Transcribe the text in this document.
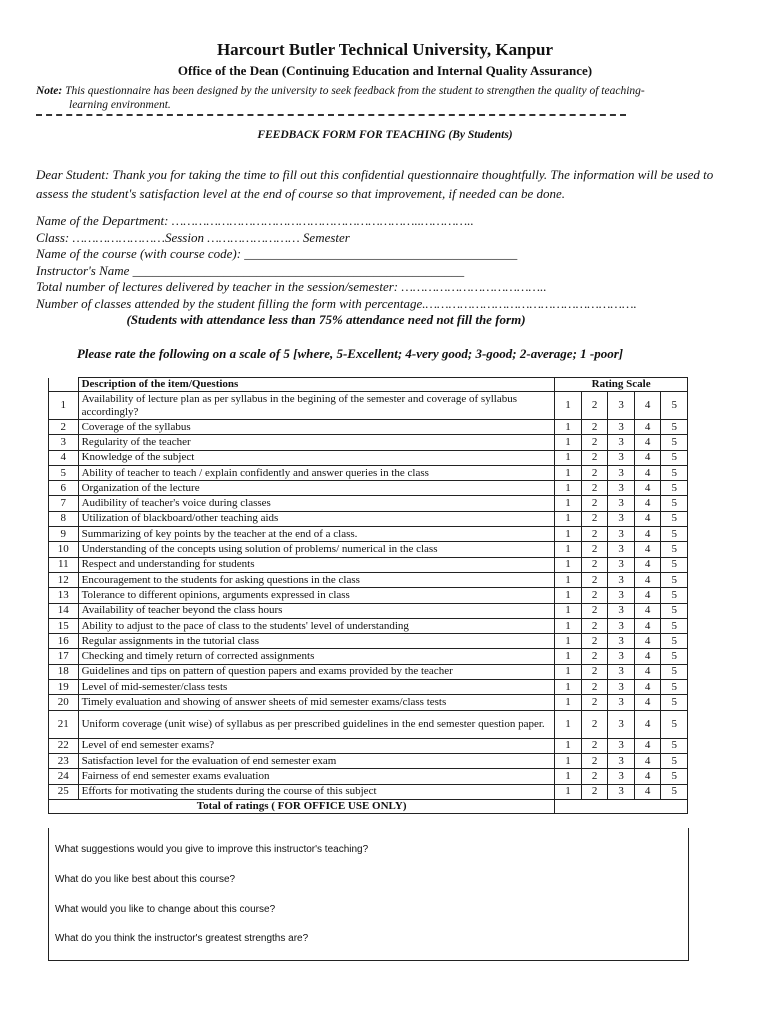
Harcourt Butler Technical University, Kanpur
Office of the Dean (Continuing Education and Internal Quality Assurance)
Note: This questionnaire has been designed by the university to seek feedback from the student to strengthen the quality of teaching-
learning environment.
FEEDBACK FORM FOR TEACHING (By Students)
Dear Student: Thank you for taking the time to fill out this confidential questionnaire thoughtfully. The information will be used to assess the student's satisfaction level at the end of course so that improvement, if needed can be done.
Name of the Department: ………………………………………………………..…………..
Class: ……………………Session …………………… Semester
Name of the course (with course code): __________________________________________
Instructor's Name ___________________________________________________
Total number of lectures delivered by teacher in the session/semester: ………………………………..
Number of classes attended by the student filling the form with percentage.……………………………………………….
(Students with attendance less than 75% attendance need not fill the form)
Please rate the following on a scale of 5 [where, 5-Excellent; 4-very good; 3-good; 2-average; 1 -poor]
	Description of the item/Questions	Rating Scale				
1	Availability of lecture plan as per syllabus in the begining of the semester and coverage of syllabus accordingly?	1	2	3	4	5
2	Coverage of the syllabus	1	2	3	4	5
3	Regularity of the teacher	1	2	3	4	5
4	Knowledge of the subject	1	2	3	4	5
5	Ability of teacher to teach / explain confidently and answer queries in the class	1	2	3	4	5
6	Organization of the lecture	1	2	3	4	5
7	Audibility of teacher's voice during classes	1	2	3	4	5
8	Utilization of blackboard/other teaching aids	1	2	3	4	5
9	Summarizing of key points by the teacher at the end of a class.	1	2	3	4	5
10	Understanding of the concepts using solution of problems/ numerical in the class	1	2	3	4	5
11	Respect and understanding for students	1	2	3	4	5
12	Encouragement to the students for asking questions in the class	1	2	3	4	5
13	Tolerance to different opinions, arguments expressed in class	1	2	3	4	5
14	Availability of teacher beyond the class hours	1	2	3	4	5
15	Ability to adjust to the pace of class to the students' level of understanding	1	2	3	4	5
16	Regular assignments in the tutorial class	1	2	3	4	5
17	Checking and timely return of corrected assignments	1	2	3	4	5
18	Guidelines and tips on pattern of question papers and exams provided by the teacher	1	2	3	4	5
19	Level of mid-semester/class tests	1	2	3	4	5
20	Timely evaluation and showing of answer sheets of mid semester exams/class tests	1	2	3	4	5
21	Uniform coverage (unit wise) of syllabus as per prescribed guidelines in the end semester question paper.	1	2	3	4	5
22	Level of end semester exams?	1	2	3	4	5
23	Satisfaction level for the evaluation of end semester exam	1	2	3	4	5
24	Fairness of end semester exams evaluation	1	2	3	4	5
25	Efforts for motivating the students during the course of this subject	1	2	3	4	5
Total of ratings ( FOR OFFICE USE ONLY)						
What suggestions would you give to improve this instructor's teaching?
What do you like best about this course?
What would you like to change about this course?
What do you think the instructor's greatest strengths are?
